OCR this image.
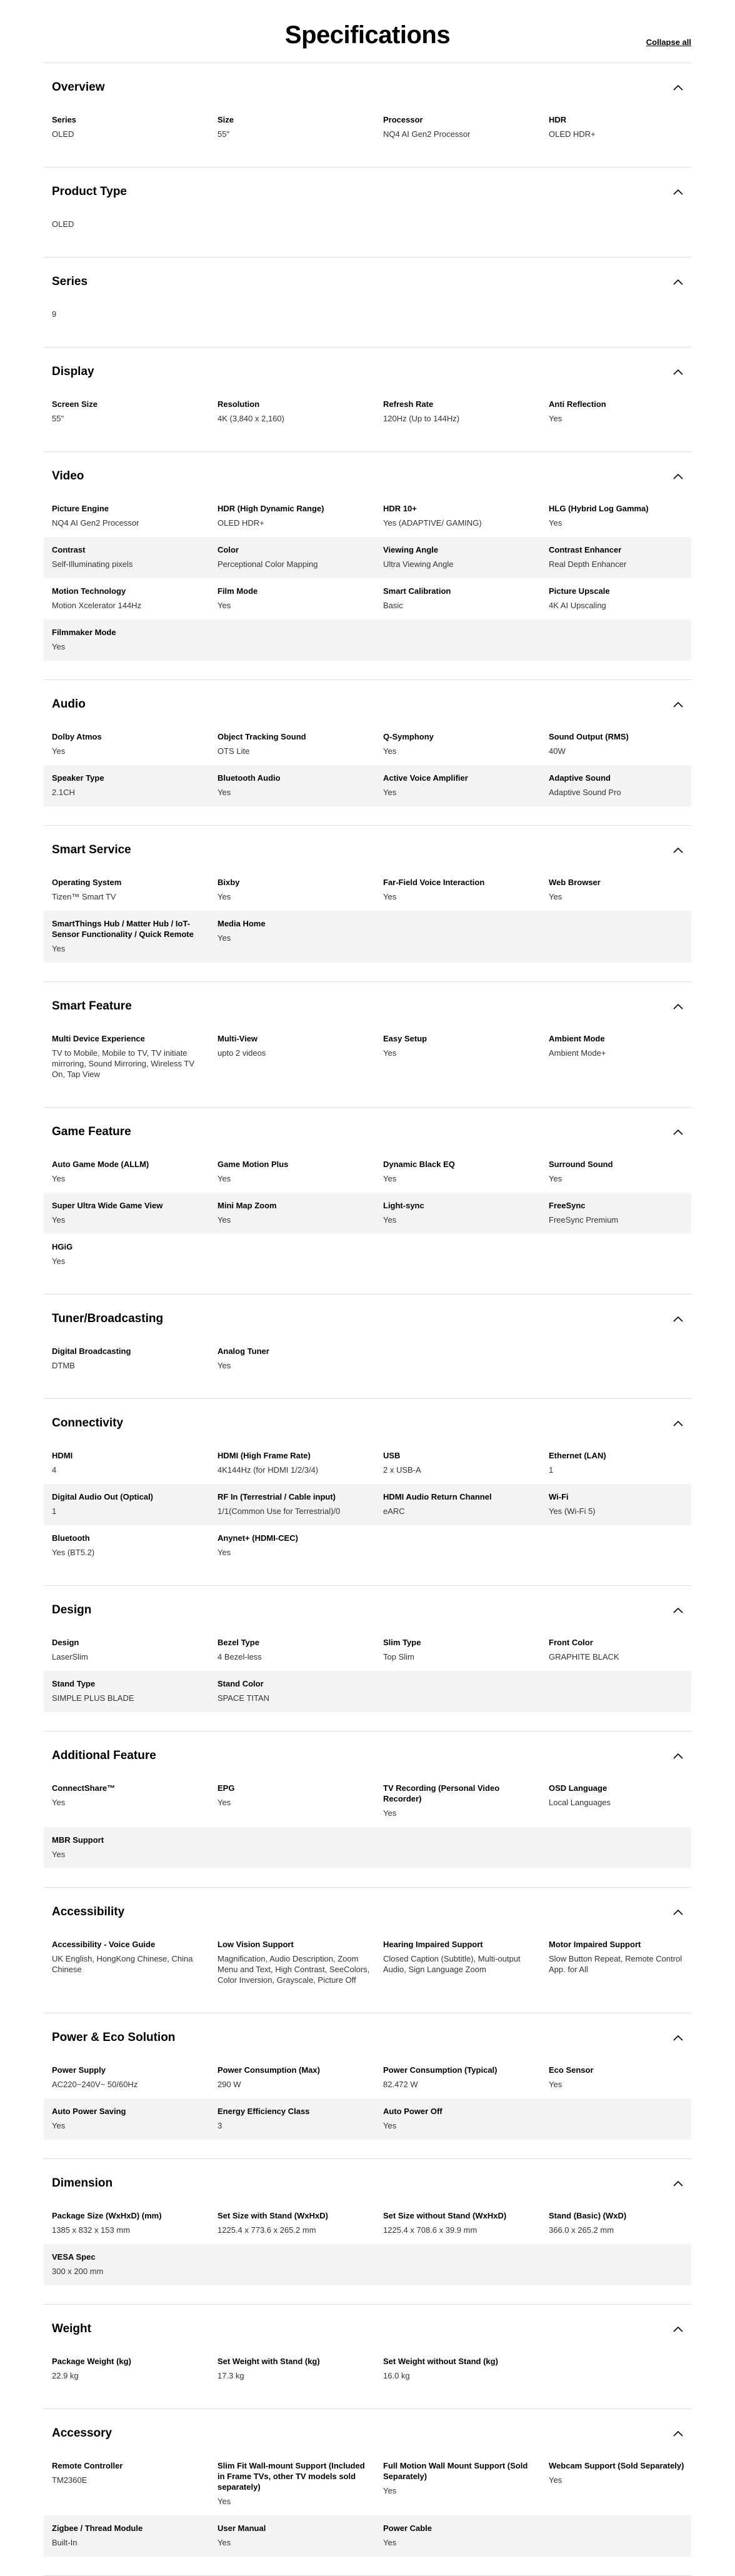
Specifications	Collapse all
Overview
Series
OLED
Size
55"
Processor
NQ4 AI Gen2 Processor
HDR
OLED HDR+
Product Type
OLED
Series
9
Display
Screen Size
55"
Resolution
4K (3,840 x 2,160)
Refresh Rate
120Hz (Up to 144Hz)
Anti Reflection
Yes
Video
Picture Engine
NQ4 AI Gen2 Processor
HDR (High Dynamic Range)
OLED HDR+
HDR 10+
Yes (ADAPTIVE/ GAMING)
HLG (Hybrid Log Gamma)
Yes
Contrast
Self-Illuminating pixels
Color
Perceptional Color Mapping
Viewing Angle
Ultra Viewing Angle
Contrast Enhancer
Real Depth Enhancer
Motion Technology
Motion Xcelerator 144Hz
Film Mode
Yes
Smart Calibration
Basic
Picture Upscale
4K AI Upscaling
Filmmaker Mode
Yes
Audio
Dolby Atmos
Yes
Object Tracking Sound
OTS Lite
Q-Symphony
Yes
Sound Output (RMS)
40W
Speaker Type
2.1CH
Bluetooth Audio
Yes
Active Voice Amplifier
Yes
Adaptive Sound
Adaptive Sound Pro
Smart Service
Operating System
Tizen™ Smart TV
Bixby
Yes
Far-Field Voice Interaction
Yes
Web Browser
Yes
SmartThings Hub / Matter Hub / IoT-Sensor Functionality / Quick Remote
Yes
Media Home
Yes
Smart Feature
Multi Device Experience
TV to Mobile, Mobile to TV, TV initiate mirroring, Sound Mirroring, Wireless TV On, Tap View
Multi-View
upto 2 videos
Easy Setup
Yes
Ambient Mode
Ambient Mode+
Game Feature
Auto Game Mode (ALLM)
Yes
Game Motion Plus
Yes
Dynamic Black EQ
Yes
Surround Sound
Yes
Super Ultra Wide Game View
Yes
Mini Map Zoom
Yes
Light-sync
Yes
FreeSync
FreeSync Premium
HGiG
Yes
Tuner/Broadcasting
Digital Broadcasting
DTMB
Analog Tuner
Yes
Connectivity
HDMI
4
HDMI (High Frame Rate)
4K144Hz (for HDMI 1/2/3/4)
USB
2 x USB-A
Ethernet (LAN)
1
Digital Audio Out (Optical)
1
RF In (Terrestrial / Cable input)
1/1(Common Use for Terrestrial)/0
HDMI Audio Return Channel
eARC
Wi-Fi
Yes (Wi-Fi 5)
Bluetooth
Yes (BT5.2)
Anynet+ (HDMI-CEC)
Yes
Design
Design
LaserSlim
Bezel Type
4 Bezel-less
Slim Type
Top Slim
Front Color
GRAPHITE BLACK
Stand Type
SIMPLE PLUS BLADE
Stand Color
SPACE TITAN
Additional Feature
ConnectShare™
Yes
EPG
Yes
TV Recording (Personal Video Recorder)
Yes
OSD Language
Local Languages
MBR Support
Yes
Accessibility
Accessibility - Voice Guide
UK English, HongKong Chinese, China Chinese
Low Vision Support
Magnification, Audio Description, Zoom Menu and Text, High Contrast, SeeColors, Color Inversion, Grayscale, Picture Off
Hearing Impaired Support
Closed Caption (Subtitle), Multi-output Audio, Sign Language Zoom
Motor Impaired Support
Slow Button Repeat, Remote Control App. for All
Power & Eco Solution
Power Supply
AC220~240V~ 50/60Hz
Power Consumption (Max)
290 W
Power Consumption (Typical)
82.472 W
Eco Sensor
Yes
Auto Power Saving
Yes
Energy Efficiency Class
3
Auto Power Off
Yes
Dimension
Package Size (WxHxD) (mm)
1385 x 832 x 153 mm
Set Size with Stand (WxHxD)
1225.4 x 773.6 x 265.2 mm
Set Size without Stand (WxHxD)
1225.4 x 708.6 x 39.9 mm
Stand (Basic) (WxD)
366.0 x 265.2 mm
VESA Spec
300 x 200 mm
Weight
Package Weight (kg)
22.9 kg
Set Weight with Stand (kg)
17.3 kg
Set Weight without Stand (kg)
16.0 kg
Accessory
Remote Controller
TM2360E
Slim Fit Wall-mount Support (Included in Frame TVs, other TV models sold separately)
Yes
Full Motion Wall Mount Support (Sold Separately)
Yes
Webcam Support (Sold Separately)
Yes
Zigbee / Thread Module
Built-In
User Manual
Yes
Power Cable
Yes
